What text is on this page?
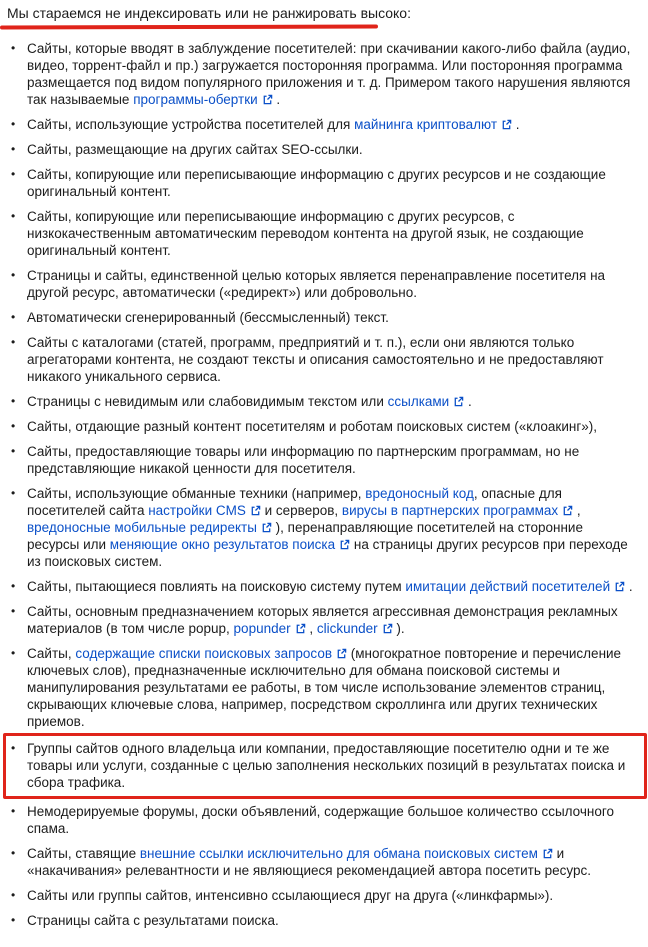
Мы стараемся не индексировать или не ранжировать высоко:
• Сайты, которые вводят в заблуждение посетителей: при скачивании какого-либо файла (аудио, видео, торрент-файл и пр.) загружается посторонняя программа. Или посторонняя программа размещается под видом популярного приложения и т. д. Примером такого нарушения являются так называемые программы-обертки .
• Сайты, использующие устройства посетителей для майнинга криптовалют .
• Сайты, размещающие на других сайтах SEO-ссылки.
• Сайты, копирующие или переписывающие информацию с других ресурсов и не создающие оригинальный контент.
• Сайты, копирующие или переписывающие информацию с других ресурсов, с низкокачественным автоматическим переводом контента на другой язык, не создающие оригинальный контент.
• Страницы и сайты, единственной целью которых является перенаправление посетителя на другой ресурс, автоматически («редирект») или добровольно.
• Автоматически сгенерированный (бессмысленный) текст.
• Сайты с каталогами (статей, программ, предприятий и т. п.), если они являются только агрегаторами контента, не создают тексты и описания самостоятельно и не предоставляют никакого уникального сервиса.
• Страницы с невидимым или слабовидимым текстом или ссылками .
• Сайты, отдающие разный контент посетителям и роботам поисковых систем («клоакинг»),
• Сайты, предоставляющие товары или информацию по партнерским программам, но не представляющие никакой ценности для посетителя.
• Сайты, использующие обманные техники (например, вредоносный код, опасные для посетителей сайта настройки CMS и серверов, вирусы в партнерских программах , вредоносные мобильные редиректы ), перенаправляющие посетителей на сторонние ресурсы или меняющие окно результатов поиска на страницы других ресурсов при переходе из поисковых систем.
• Сайты, пытающиеся повлиять на поисковую систему путем имитации действий посетителей .
• Сайты, основным предназначением которых является агрессивная демонстрация рекламных материалов (в том числе popup, popunder , clickunder ).
• Сайты, содержащие списки поисковых запросов (многократное повторение и перечисление ключевых слов), предназначенные исключительно для обмана поисковой системы и манипулирования результатами ее работы, в том числе использование элементов страниц, скрывающих ключевые слова, например, посредством скроллинга или других технических приемов.
• Группы сайтов одного владельца или компании, предоставляющие посетителю одни и те же товары или услуги, созданные с целью заполнения нескольких позиций в результатах поиска и сбора трафика.
• Немодерируемые форумы, доски объявлений, содержащие большое количество ссылочного спама.
• Сайты, ставящие внешние ссылки исключительно для обмана поисковых систем и «накачивания» релевантности и не являющиеся рекомендацией автора посетить ресурс.
• Сайты или группы сайтов, интенсивно ссылающиеся друг на друга («линкфармы»).
• Страницы сайта с результатами поиска.
